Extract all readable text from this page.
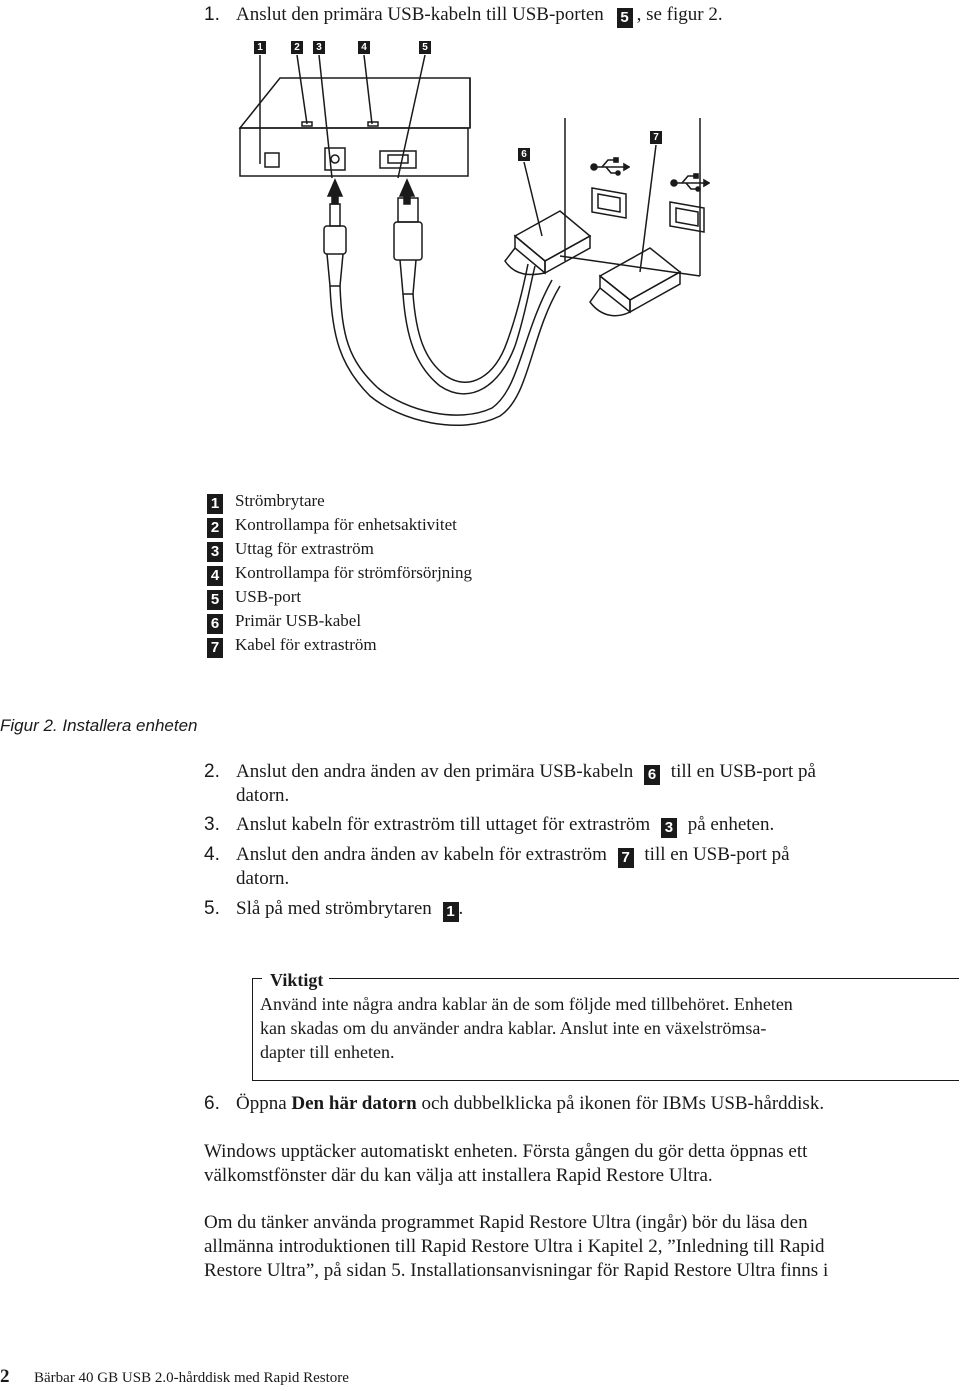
1. Anslut den primära USB-kabeln till USB-porten 5 , se figur 2.
1	2	3	4	5
6
7
1 Strömbrytare
2 Kontrollampa för enhetsaktivitet
3 Uttag för extraström
4 Kontrollampa för strömförsörjning
5 USB-port
6 Primär USB-kabel
7 Kabel för extraström
Figur 2. Installera enheten
2. Anslut den andra änden av den primära USB-kabeln 6 till en USB-port på
datorn.
3. Anslut kabeln för extraström till uttaget för extraström 3 på enheten.
4. Anslut den andra änden av kabeln för extraström 7 till en USB-port på
datorn.
5. Slå på med strömbrytaren 1 .
Viktigt
Använd inte några andra kablar än de som följde med tillbehöret. Enheten
kan skadas om du använder andra kablar. Anslut inte en växelströmsa-
dapter till enheten.
6. Öppna Den här datorn och dubbelklicka på ikonen för IBMs USB-hårddisk.
Windows upptäcker automatiskt enheten. Första gången du gör detta öppnas ett
välkomstfönster där du kan välja att installera Rapid Restore Ultra.
Om du tänker använda programmet Rapid Restore Ultra (ingår) bör du läsa den
allmänna introduktionen till Rapid Restore Ultra i Kapitel 2, ”Inledning till Rapid
Restore Ultra”, på sidan 5. Installationsanvisningar för Rapid Restore Ultra finns i
2 Bärbar 40 GB USB 2.0-hårddisk med Rapid Restore
